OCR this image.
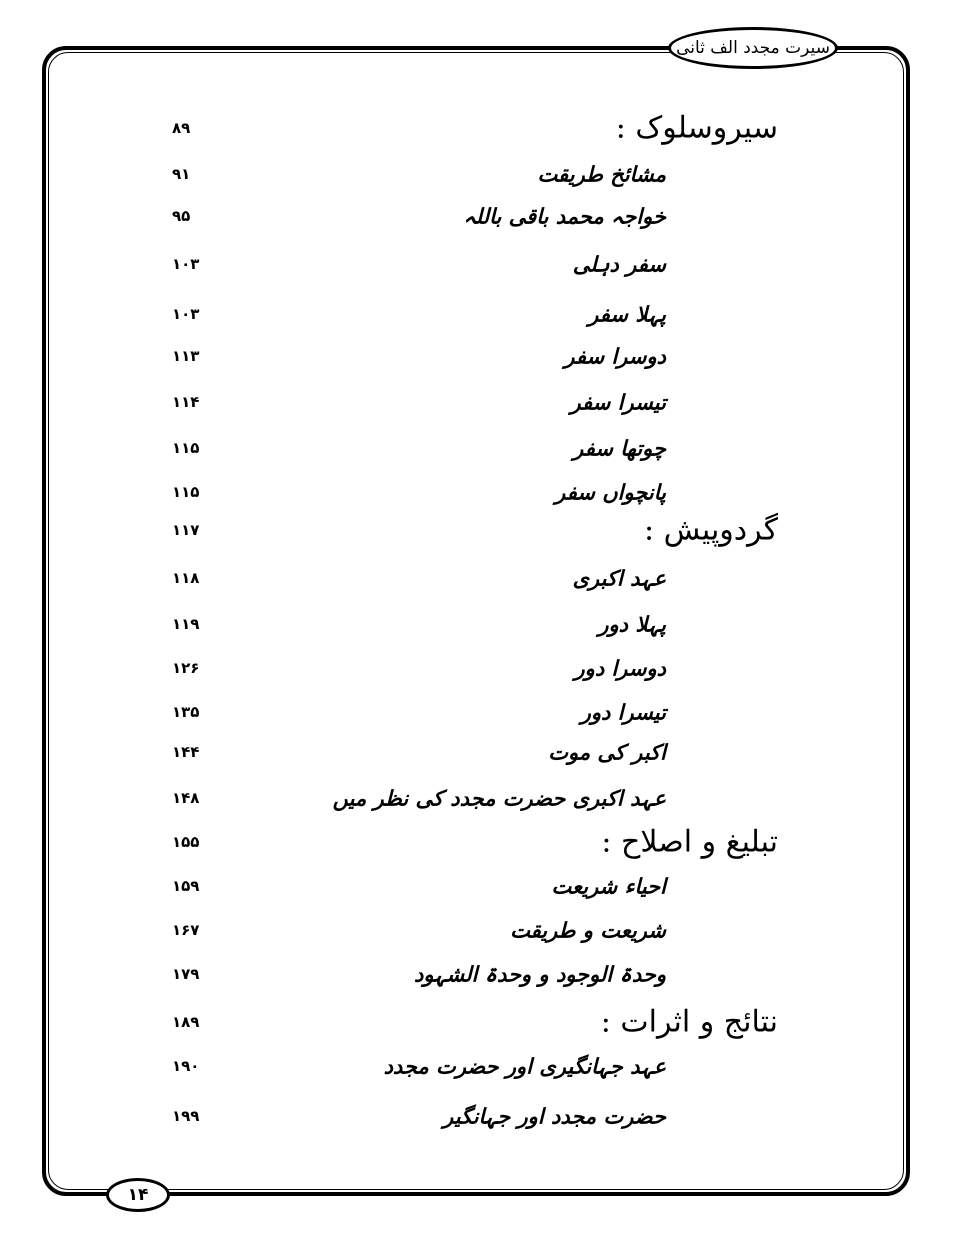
سیرت مجدد الف ثانی
۱۴
۸۹	سیروسلوک :
۹۱	مشائخ طریقت
۹۵	خواجہ محمد باقی باللہ
۱۰۳	سفر دہلی
۱۰۳	پہلا سفر
۱۱۳	دوسرا سفر
۱۱۴	تیسرا سفر
۱۱۵	چوتھا سفر
۱۱۵	پانچواں سفر
۱۱۷	گردوپیش :
۱۱۸	عہد اکبری
۱۱۹	پہلا دور
۱۲۶	دوسرا دور
۱۳۵	تیسرا دور
۱۴۴	اکبر کی موت
۱۴۸	عہد اکبری حضرت مجدد کی نظر میں
۱۵۵	تبلیغ و اصلاح :
۱۵۹	احیاء شریعت
۱۶۷	شریعت و طریقت
۱۷۹	وحدۃ الوجود و وحدۃ الشہود
۱۸۹	نتائج و اثرات :
۱۹۰	عہد جہانگیری اور حضرت مجدد
۱۹۹	حضرت مجدد اور جہانگیر
